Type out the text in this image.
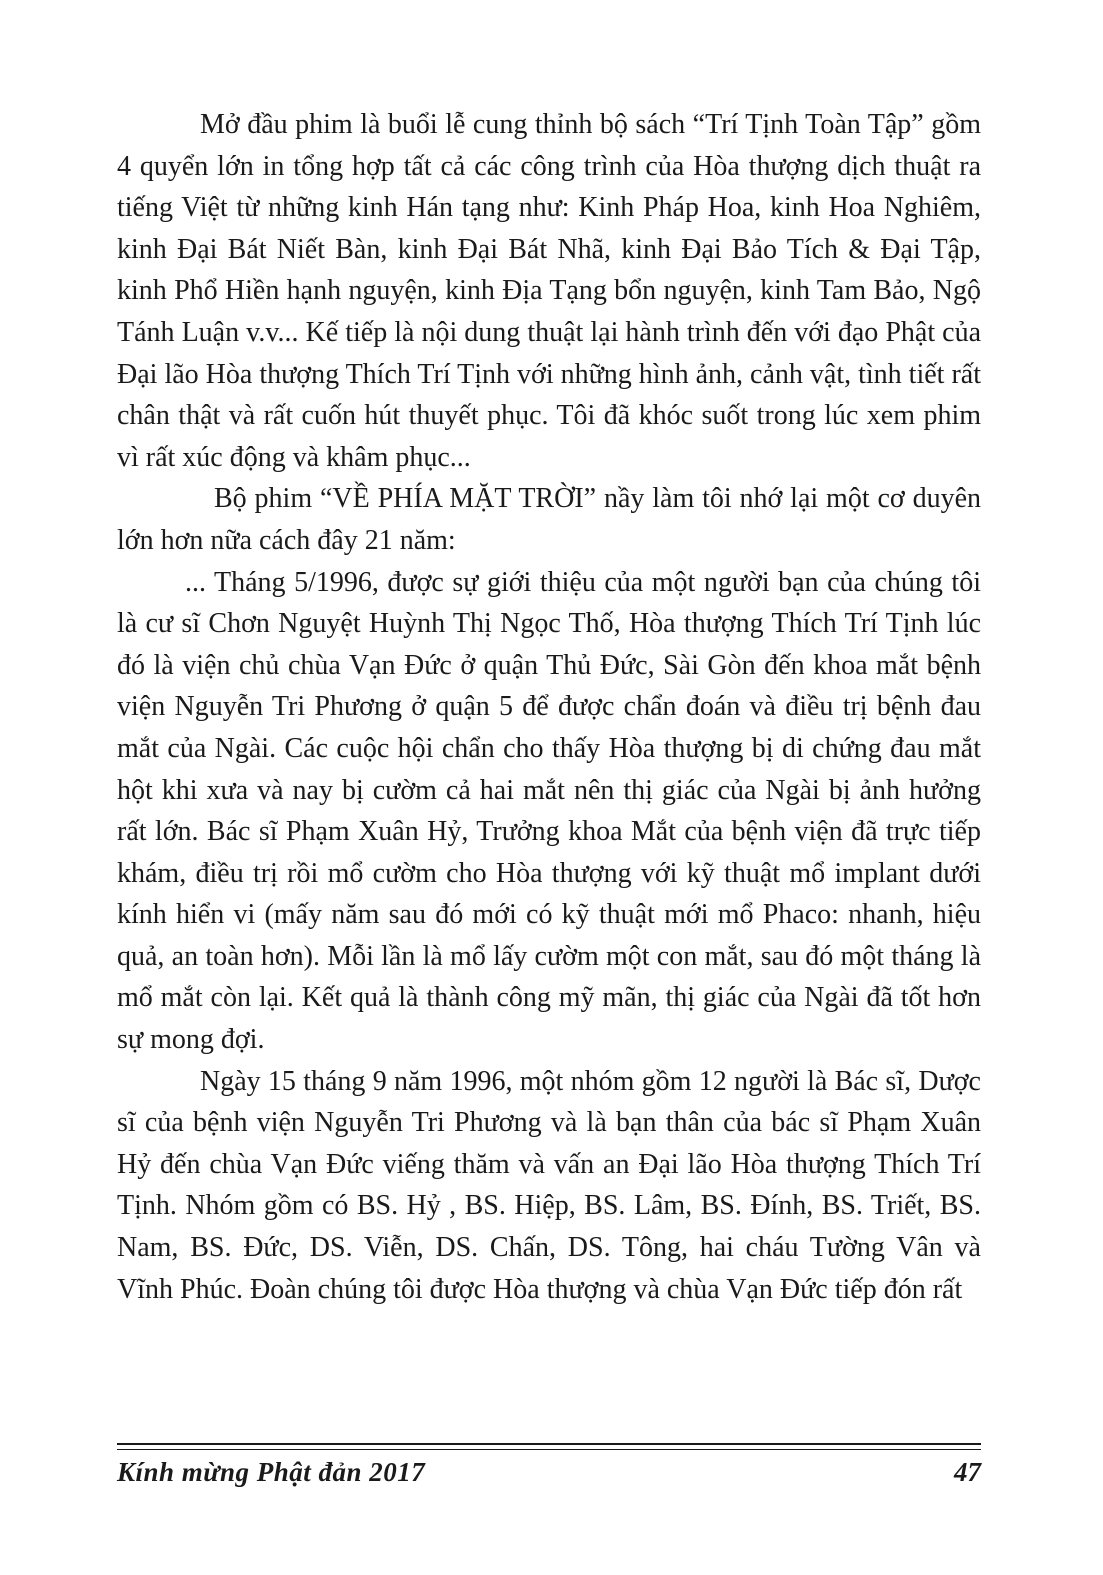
Mở đầu phim là buổi lễ cung thỉnh bộ sách “Trí Tịnh Toàn Tập” gồm 4 quyển lớn in tổng hợp tất cả các công trình của Hòa thượng dịch thuật ra tiếng Việt từ những kinh Hán tạng như: Kinh Pháp Hoa, kinh Hoa Nghiêm, kinh Đại Bát Niết Bàn, kinh Đại Bát Nhã, kinh Đại Bảo Tích & Đại Tập, kinh Phổ Hiền hạnh nguyện, kinh Địa Tạng bổn nguyện, kinh Tam Bảo, Ngộ Tánh Luận v.v... Kế tiếp là nội dung thuật lại hành trình đến với đạo Phật của Đại lão Hòa thượng Thích Trí Tịnh với những hình ảnh, cảnh vật, tình tiết rất chân thật và rất cuốn hút thuyết phục. Tôi đã khóc suốt trong lúc xem phim vì rất xúc động và khâm phục...

Bộ phim “VỀ PHÍA MẶT TRỜI” nầy làm tôi nhớ lại một cơ duyên lớn hơn nữa cách đây 21 năm:

... Tháng 5/1996, được sự giới thiệu của một người bạn của chúng tôi là cư sĩ Chơn Nguyệt Huỳnh Thị Ngọc Thố, Hòa thượng Thích Trí Tịnh lúc đó là viện chủ chùa Vạn Đức ở quận Thủ Đức, Sài Gòn đến khoa mắt bệnh viện Nguyễn Tri Phương ở quận 5 để được chẩn đoán và điều trị bệnh đau mắt của Ngài. Các cuộc hội chẩn cho thấy Hòa thượng bị di chứng đau mắt hột khi xưa và nay bị cườm cả hai mắt nên thị giác của Ngài bị ảnh hưởng rất lớn. Bác sĩ Phạm Xuân Hỷ, Trưởng khoa Mắt của bệnh viện đã trực tiếp khám, điều trị rồi mổ cườm cho Hòa thượng với kỹ thuật mổ implant dưới kính hiển vi (mấy năm sau đó mới có kỹ thuật mới mổ Phaco: nhanh, hiệu quả, an toàn hơn). Mỗi lần là mổ lấy cườm một con mắt, sau đó một tháng là mổ mắt còn lại. Kết quả là thành công mỹ mãn, thị giác của Ngài đã tốt hơn sự mong đợi.

Ngày 15 tháng 9 năm 1996, một nhóm gồm 12 người là Bác sĩ, Dược sĩ của bệnh viện Nguyễn Tri Phương và là bạn thân của bác sĩ Phạm Xuân Hỷ đến chùa Vạn Đức viếng thăm và vấn an Đại lão Hòa thượng Thích Trí Tịnh. Nhóm gồm có BS. Hỷ , BS. Hiệp, BS. Lâm, BS. Đính, BS. Triết, BS. Nam, BS. Đức, DS. Viễn, DS. Chấn, DS. Tông, hai cháu Tường Vân và Vĩnh Phúc. Đoàn chúng tôi được Hòa thượng và chùa Vạn Đức tiếp đón rất

Kính mừng Phật đản 2017	47
